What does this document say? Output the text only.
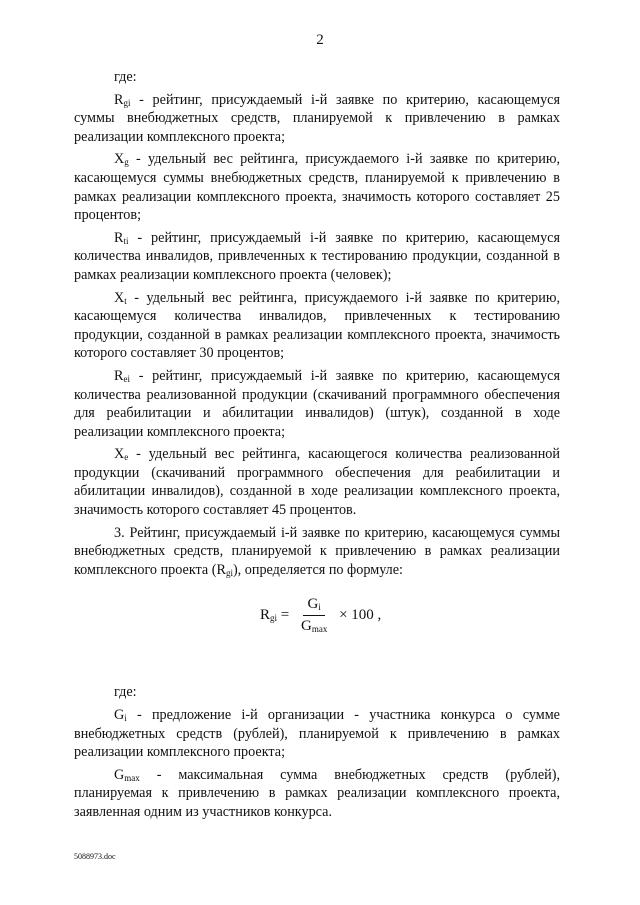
2

где:

$R_{gi}$ - рейтинг, присуждаемый i-й заявке по критерию, касающемуся суммы внебюджетных средств, планируемой к привлечению в рамках реализации комплексного проекта;

$X_g$ - удельный вес рейтинга, присуждаемого i-й заявке по критерию, касающемуся суммы внебюджетных средств, планируемой к привлечению в рамках реализации комплексного проекта, значимость которого составляет 25 процентов;

$R_{ti}$ - рейтинг, присуждаемый i-й заявке по критерию, касающемуся количества инвалидов, привлеченных к тестированию продукции, созданной в рамках реализации комплексного проекта (человек);

$X_t$ - удельный вес рейтинга, присуждаемого i-й заявке по критерию, касающемуся количества инвалидов, привлеченных к тестированию продукции, созданной в рамках реализации комплексного проекта, значимость которого составляет 30 процентов;

$R_{ei}$ - рейтинг, присуждаемый i-й заявке по критерию, касающемуся количества реализованной продукции (скачиваний программного обеспечения для реабилитации и абилитации инвалидов) (штук), созданной в ходе реализации комплексного проекта;

$X_e$ - удельный вес рейтинга, касающегося количества реализованной продукции (скачиваний программного обеспечения для реабилитации и абилитации инвалидов), созданной в ходе реализации комплексного проекта, значимость которого составляет 45 процентов.

3. Рейтинг, присуждаемый i-й заявке по критерию, касающемуся суммы внебюджетных средств, планируемой к привлечению в рамках реализации комплексного проекта $(R_{gi})$, определяется по формуле:

$R_{gi} = \frac{G_i}{G_{max}} \times 100$ ,

где:

$G_i$ - предложение i-й организации - участника конкурса о сумме внебюджетных средств (рублей), планируемой к привлечению в рамках реализации комплексного проекта;

$G_{max}$ - максимальная сумма внебюджетных средств (рублей), планируемая к привлечению в рамках реализации комплексного проекта, заявленная одним из участников конкурса.

5088973.doc
